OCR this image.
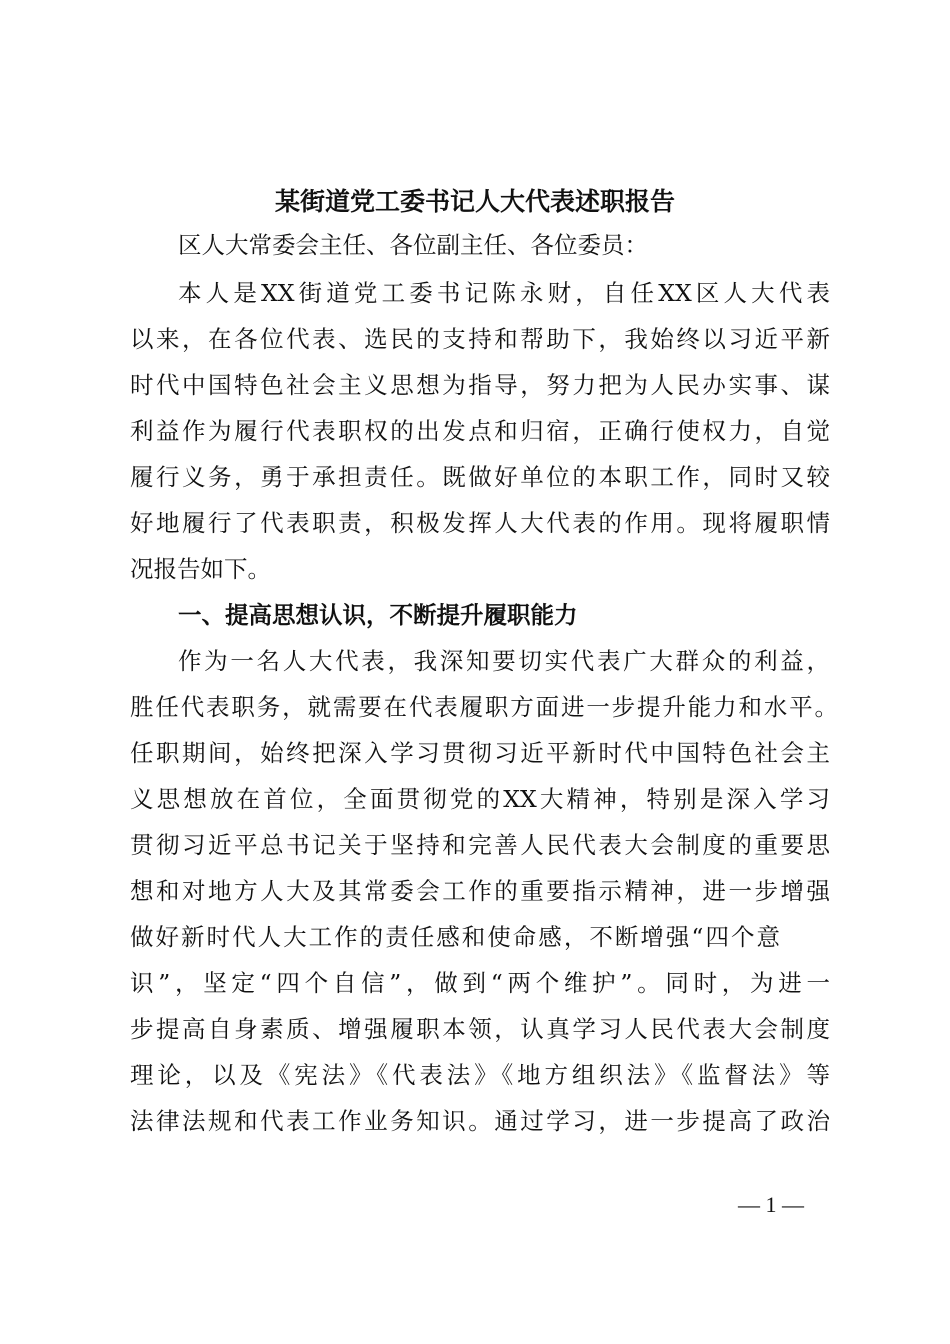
某街道党工委书记人大代表述职报告
区人大常委会主任、各位副主任、各位委员：
本人是XX街道党工委书记陈永财，自任XX区人大代表
以来，在各位代表、选民的支持和帮助下，我始终以习近平新
时代中国特色社会主义思想为指导，努力把为人民办实事、谋
利益作为履行代表职权的出发点和归宿，正确行使权力，自觉
履行义务，勇于承担责任。既做好单位的本职工作，同时又较
好地履行了代表职责，积极发挥人大代表的作用。现将履职情
况报告如下。
一、提高思想认识，不断提升履职能力
作为一名人大代表，我深知要切实代表广大群众的利益，
胜任代表职务，就需要在代表履职方面进一步提升能力和水平。
任职期间，始终把深入学习贯彻习近平新时代中国特色社会主
义思想放在首位，全面贯彻党的XX大精神，特别是深入学习
贯彻习近平总书记关于坚持和完善人民代表大会制度的重要思
想和对地方人大及其常委会工作的重要指示精神，进一步增强
做好新时代人大工作的责任感和使命感，不断增强“四个意
识”，坚定“四个自信”，做到“两个维护”。同时，为进一
步提高自身素质、增强履职本领，认真学习人民代表大会制度
理论，以及《宪法》《代表法》《地方组织法》《监督法》等
法律法规和代表工作业务知识。通过学习，进一步提高了政治
— 1 —
